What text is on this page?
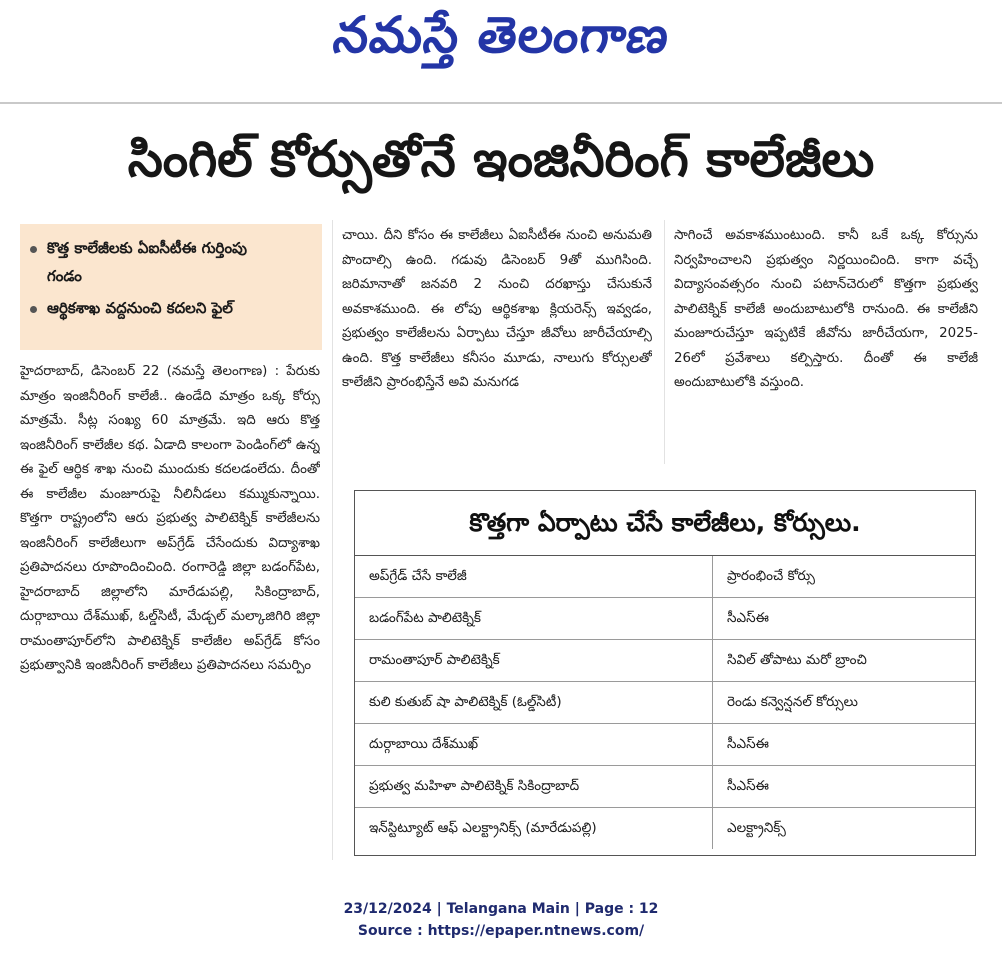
నమస్తే తెలంగాణ
సింగిల్ కోర్సుతోనే ఇంజినీరింగ్ కాలేజీలు
కొత్త కాలేజీలకు ఏఐసీటీఈ గుర్తింపు గండం
ఆర్థికశాఖ వద్దనుంచి కదలని ఫైల్

హైదరాబాద్, డిసెంబర్ 22 (నమస్తే తెలంగాణ) : పేరుకు మాత్రం ఇంజినీరింగ్ కాలేజీ.. ఉండేది మాత్రం ఒక్క కోర్సు మాత్రమే. సీట్ల సంఖ్య 60 మాత్రమే. ఇది ఆరు కొత్త ఇంజినీరింగ్ కాలేజీల కథ. ఏడాది కాలంగా పెండింగ్‌లో ఉన్న ఈ ఫైల్ ఆర్థిక శాఖ నుంచి ముందుకు కదలడంలేదు. దీంతో ఈ కాలేజీల మంజూరుపై నీలినీడలు కమ్ముకున్నాయి. కొత్తగా రాష్ట్రంలోని ఆరు ప్రభుత్వ పాలిటెక్నిక్ కాలేజీలను ఇంజినీరింగ్ కాలేజీలుగా అప్‌గ్రేడ్ చేసేందుకు విద్యాశాఖ ప్రతిపాదనలు రూపొందించింది. రంగారెడ్డి జిల్లా బడంగ్‌పేట, హైదరాబాద్ జిల్లాలోని మారేడుపల్లి, సికింద్రాబాద్, దుర్గాబాయి దేశ్‌ముఖ్, ఓల్డ్‌సిటీ, మేడ్చల్ మల్కాజిగిరి జిల్లా రామంతాపూర్‌లోని పాలిటెక్నిక్ కాలేజీల అప్‌గ్రేడ్ కోసం ప్రభుత్వానికి ఇంజినీరింగ్ కాలేజీలు ప్రతిపాదనలు సమర్పిం

చాయి. దీని కోసం ఈ కాలేజీలు ఏఐసీటీఈ నుంచి అనుమతి పొందాల్సి ఉంది. గడువు డిసెంబర్ 9తో ముగిసింది. జరిమానాతో జనవరి 2 నుంచి దరఖాస్తు చేసుకునే అవకాశముంది. ఈ లోపు ఆర్థికశాఖ క్లియరెన్స్ ఇవ్వడం, ప్రభుత్వం కాలేజీలను ఏర్పాటు చేస్తూ జీవోలు జారీచేయాల్సి ఉంది. కొత్త కాలేజీలు కనీసం మూడు, నాలుగు కోర్సులతో కాలేజీని ప్రారంభిస్తేనే అవి మనుగడ

సాగించే అవకాశముంటుంది. కానీ ఒకే ఒక్క కోర్సును నిర్వహించాలని ప్రభుత్వం నిర్ణయించింది. కాగా వచ్చే విద్యాసంవత్సరం నుంచి పటాన్‌చెరులో కొత్తగా ప్రభుత్వ పాలిటెక్నిక్ కాలేజీ అందుబాటులోకి రానుంది. ఈ కాలేజీని మంజూరుచేస్తూ ఇప్పటికే జీవోను జారీచేయగా, 2025-26లో ప్రవేశాలు కల్పిస్తారు. దీంతో ఈ కాలేజీ అందుబాటులోకి వస్తుంది.

కొత్తగా ఏర్పాటు చేసే కాలేజీలు, కోర్సులు.
అప్‌గ్రేడ్ చేసే కాలేజీ	ప్రారంభించే కోర్సు
బడంగ్‌పేట పాలిటెక్నిక్	సీఎస్‌ఈ
రామంతాపూర్ పాలిటెక్నిక్	సివిల్ తోపాటు మరో బ్రాంచి
కులి కుతుబ్ షా పాలిటెక్నిక్ (ఓల్డ్‌సిటీ)	రెండు కన్వెన్షనల్ కోర్సులు
దుర్గాబాయి దేశ్‌ముఖ్	సీఎస్‌ఈ
ప్రభుత్వ మహిళా పాలిటెక్నిక్ సికింద్రాబాద్	సీఎస్‌ఈ
ఇన్‌స్టిట్యూట్ ఆఫ్ ఎలక్ట్రానిక్స్ (మారేడుపల్లి)	ఎలక్ట్రానిక్స్
23/12/2024 | Telangana Main | Page : 12
Source : https://epaper.ntnews.com/
